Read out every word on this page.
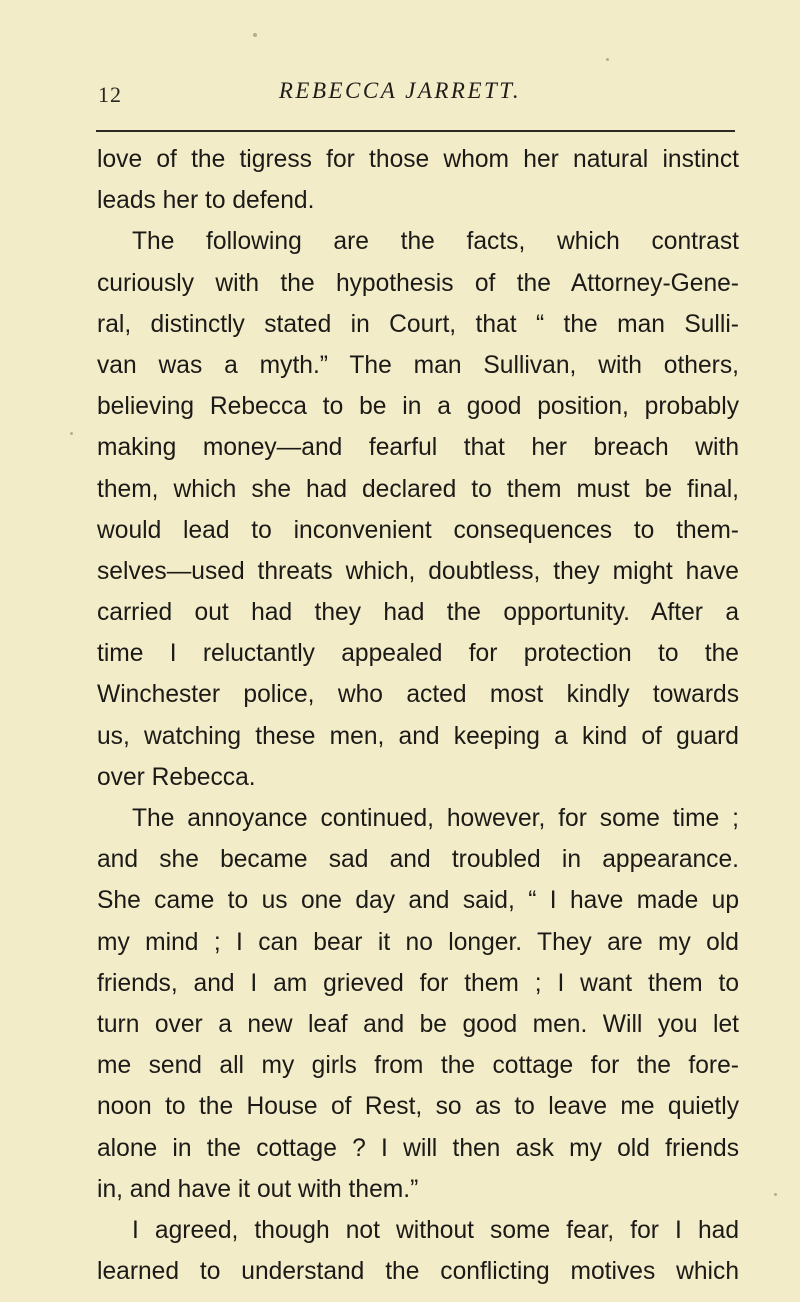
12	REBECCA JARRETT.
love of the tigress for those whom her natural instinct
leads her to defend.
The following are the facts, which contrast
curiously with the hypothesis of the Attorney-Gene-
ral, distinctly stated in Court, that “ the man Sulli-
van was a myth.” The man Sullivan, with others,
believing Rebecca to be in a good position, probably
making money—and fearful that her breach with
them, which she had declared to them must be final,
would lead to inconvenient consequences to them-
selves—used threats which, doubtless, they might have
carried out had they had the opportunity. After a
time I reluctantly appealed for protection to the
Winchester police, who acted most kindly towards
us, watching these men, and keeping a kind of guard
over Rebecca.
The annoyance continued, however, for some time ;
and she became sad and troubled in appearance.
She came to us one day and said, “ I have made up
my mind ; I can bear it no longer. They are my old
friends, and I am grieved for them ; I want them to
turn over a new leaf and be good men. Will you let
me send all my girls from the cottage for the fore-
noon to the House of Rest, so as to leave me quietly
alone in the cottage ? I will then ask my old friends
in, and have it out with them.”
I agreed, though not without some fear, for I had
learned to understand the conflicting motives which
